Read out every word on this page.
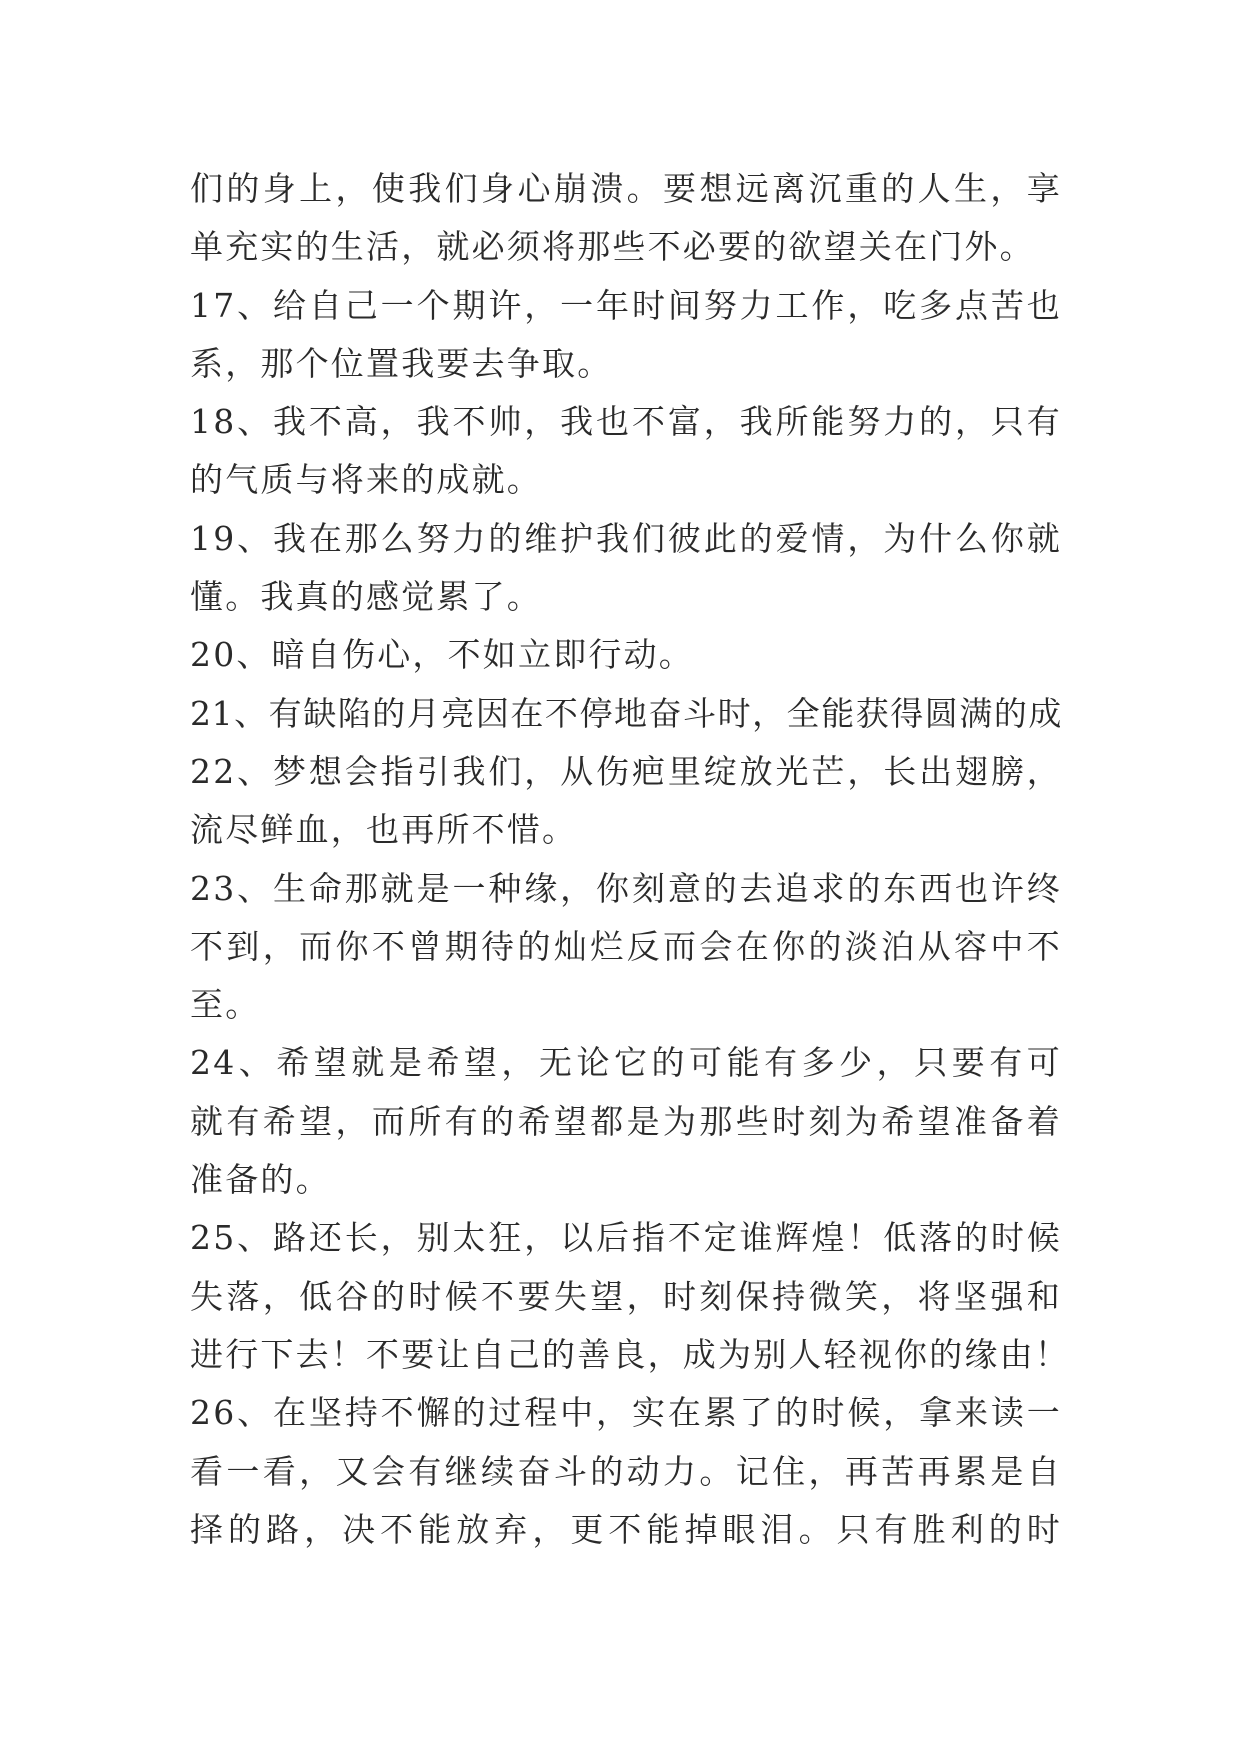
们的身上，使我们身心崩溃。要想远离沉重的人生，享
单充实的生活，就必须将那些不必要的欲望关在门外。
17、给自己一个期许，一年时间努力工作，吃多点苦也
系，那个位置我要去争取。
18、我不高，我不帅，我也不富，我所能努力的，只有
的气质与将来的成就。
19、我在那么努力的维护我们彼此的爱情，为什么你就
懂。我真的感觉累了。
20、暗自伤心，不如立即行动。
21、有缺陷的月亮因在不停地奋斗时，全能获得圆满的成
22、梦想会指引我们，从伤疤里绽放光芒，长出翅膀，
流尽鲜血，也再所不惜。
23、生命那就是一种缘，你刻意的去追求的东西也许终
不到，而你不曾期待的灿烂反而会在你的淡泊从容中不
至。
24、希望就是希望，无论它的可能有多少，只要有可
就有希望，而所有的希望都是为那些时刻为希望准备着
准备的。
25、路还长，别太狂，以后指不定谁辉煌！低落的时候
失落，低谷的时候不要失望，时刻保持微笑，将坚强和
进行下去！不要让自己的善良，成为别人轻视你的缘由！
26、在坚持不懈的过程中，实在累了的时候，拿来读一
看一看，又会有继续奋斗的动力。记住，再苦再累是自
择的路，决不能放弃，更不能掉眼泪。只有胜利的时
